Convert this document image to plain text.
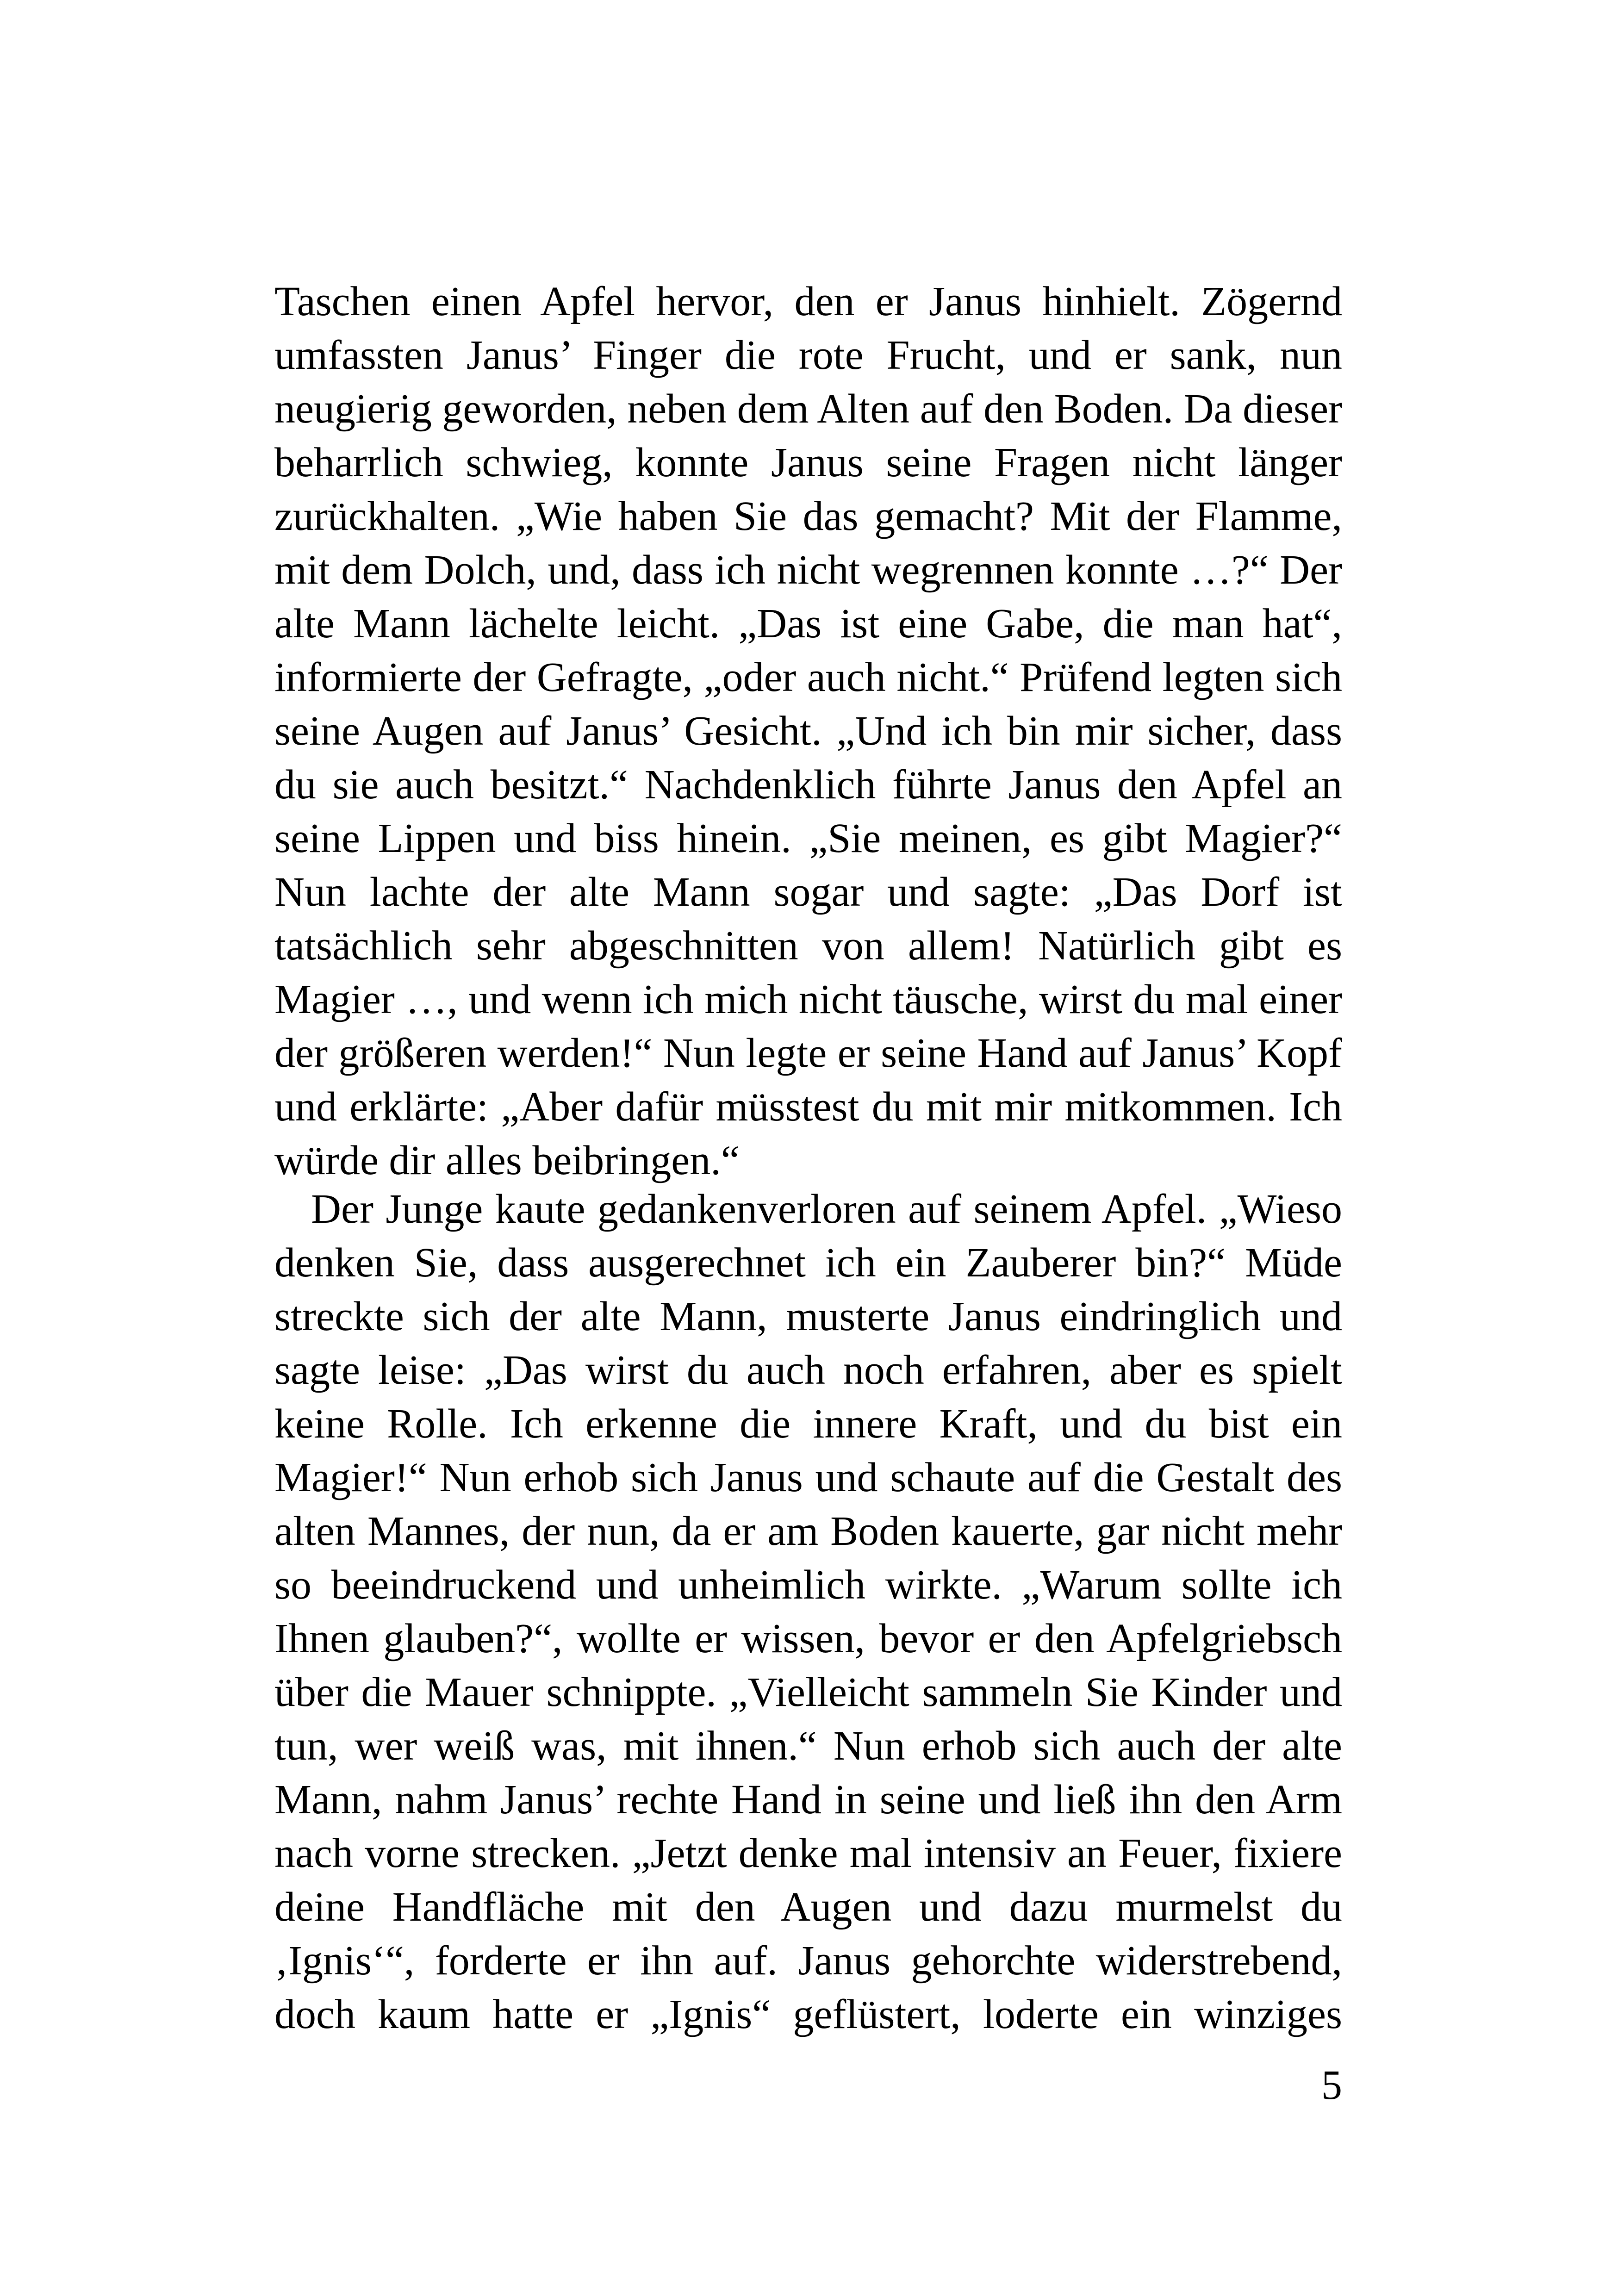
Taschen einen Apfel hervor, den er Janus hinhielt. Zögernd
umfassten Janus’ Finger die rote Frucht, und er sank, nun
neugierig geworden, neben dem Alten auf den Boden. Da dieser
beharrlich schwieg, konnte Janus seine Fragen nicht länger
zurückhalten. „Wie haben Sie das gemacht? Mit der Flamme,
mit dem Dolch, und, dass ich nicht wegrennen konnte …?“ Der
alte Mann lächelte leicht. „Das ist eine Gabe, die man hat“,
informierte der Gefragte, „oder auch nicht.“ Prüfend legten sich
seine Augen auf Janus’ Gesicht. „Und ich bin mir sicher, dass
du sie auch besitzt.“ Nachdenklich führte Janus den Apfel an
seine Lippen und biss hinein. „Sie meinen, es gibt Magier?“
Nun lachte der alte Mann sogar und sagte: „Das Dorf ist
tatsächlich sehr abgeschnitten von allem! Natürlich gibt es
Magier …, und wenn ich mich nicht täusche, wirst du mal einer
der größeren werden!“ Nun legte er seine Hand auf Janus’ Kopf
und erklärte: „Aber dafür müsstest du mit mir mitkommen. Ich
würde dir alles beibringen.“
Der Junge kaute gedankenverloren auf seinem Apfel. „Wieso
denken Sie, dass ausgerechnet ich ein Zauberer bin?“ Müde
streckte sich der alte Mann, musterte Janus eindringlich und
sagte leise: „Das wirst du auch noch erfahren, aber es spielt
keine Rolle. Ich erkenne die innere Kraft, und du bist ein
Magier!“ Nun erhob sich Janus und schaute auf die Gestalt des
alten Mannes, der nun, da er am Boden kauerte, gar nicht mehr
so beeindruckend und unheimlich wirkte. „Warum sollte ich
Ihnen glauben?“, wollte er wissen, bevor er den Apfelgriebsch
über die Mauer schnippte. „Vielleicht sammeln Sie Kinder und
tun, wer weiß was, mit ihnen.“ Nun erhob sich auch der alte
Mann, nahm Janus’ rechte Hand in seine und ließ ihn den Arm
nach vorne strecken. „Jetzt denke mal intensiv an Feuer, fixiere
deine Handfläche mit den Augen und dazu murmelst du
‚Ignis‘“, forderte er ihn auf. Janus gehorchte widerstrebend,
doch kaum hatte er „Ignis“ geflüstert, loderte ein winziges
5
